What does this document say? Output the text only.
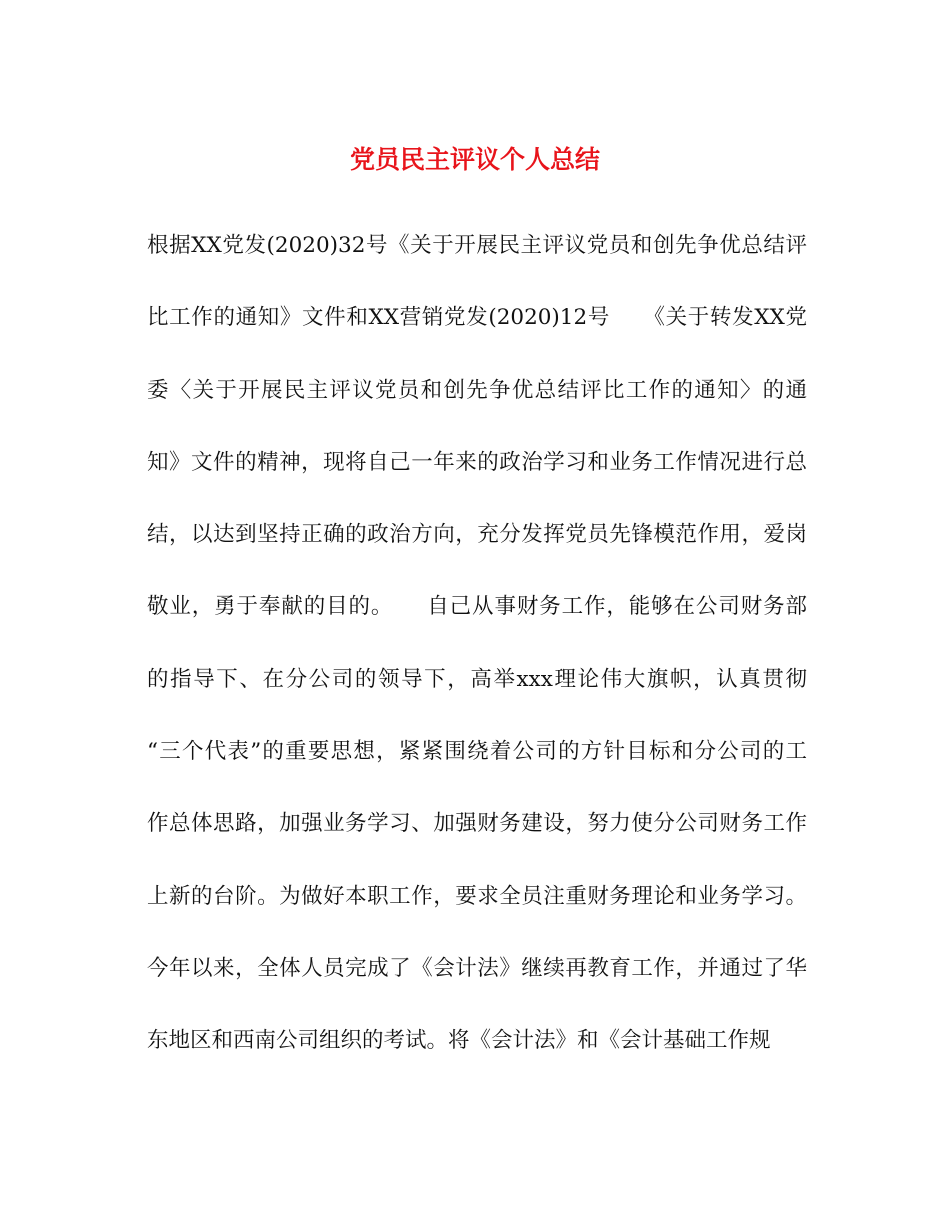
党员民主评议个人总结
根据XX党发(2020)32号《关于开展民主评议党员和创先争优总结评
比工作的通知》文件和XX营销党发(2020)12号　　《关于转发XX党
委〈关于开展民主评议党员和创先争优总结评比工作的通知〉的通
知》文件的精神，现将自己一年来的政治学习和业务工作情况进行总
结，以达到坚持正确的政治方向，充分发挥党员先锋模范作用，爱岗
敬业，勇于奉献的目的。　　自己从事财务工作，能够在公司财务部
的指导下、在分公司的领导下，高举xxx理论伟大旗帜，认真贯彻
“三个代表”的重要思想，紧紧围绕着公司的方针目标和分公司的工
作总体思路，加强业务学习、加强财务建设，努力使分公司财务工作
上新的台阶。为做好本职工作，要求全员注重财务理论和业务学习。
今年以来，全体人员完成了《会计法》继续再教育工作，并通过了华
东地区和西南公司组织的考试。将《会计法》和《会计基础工作规
